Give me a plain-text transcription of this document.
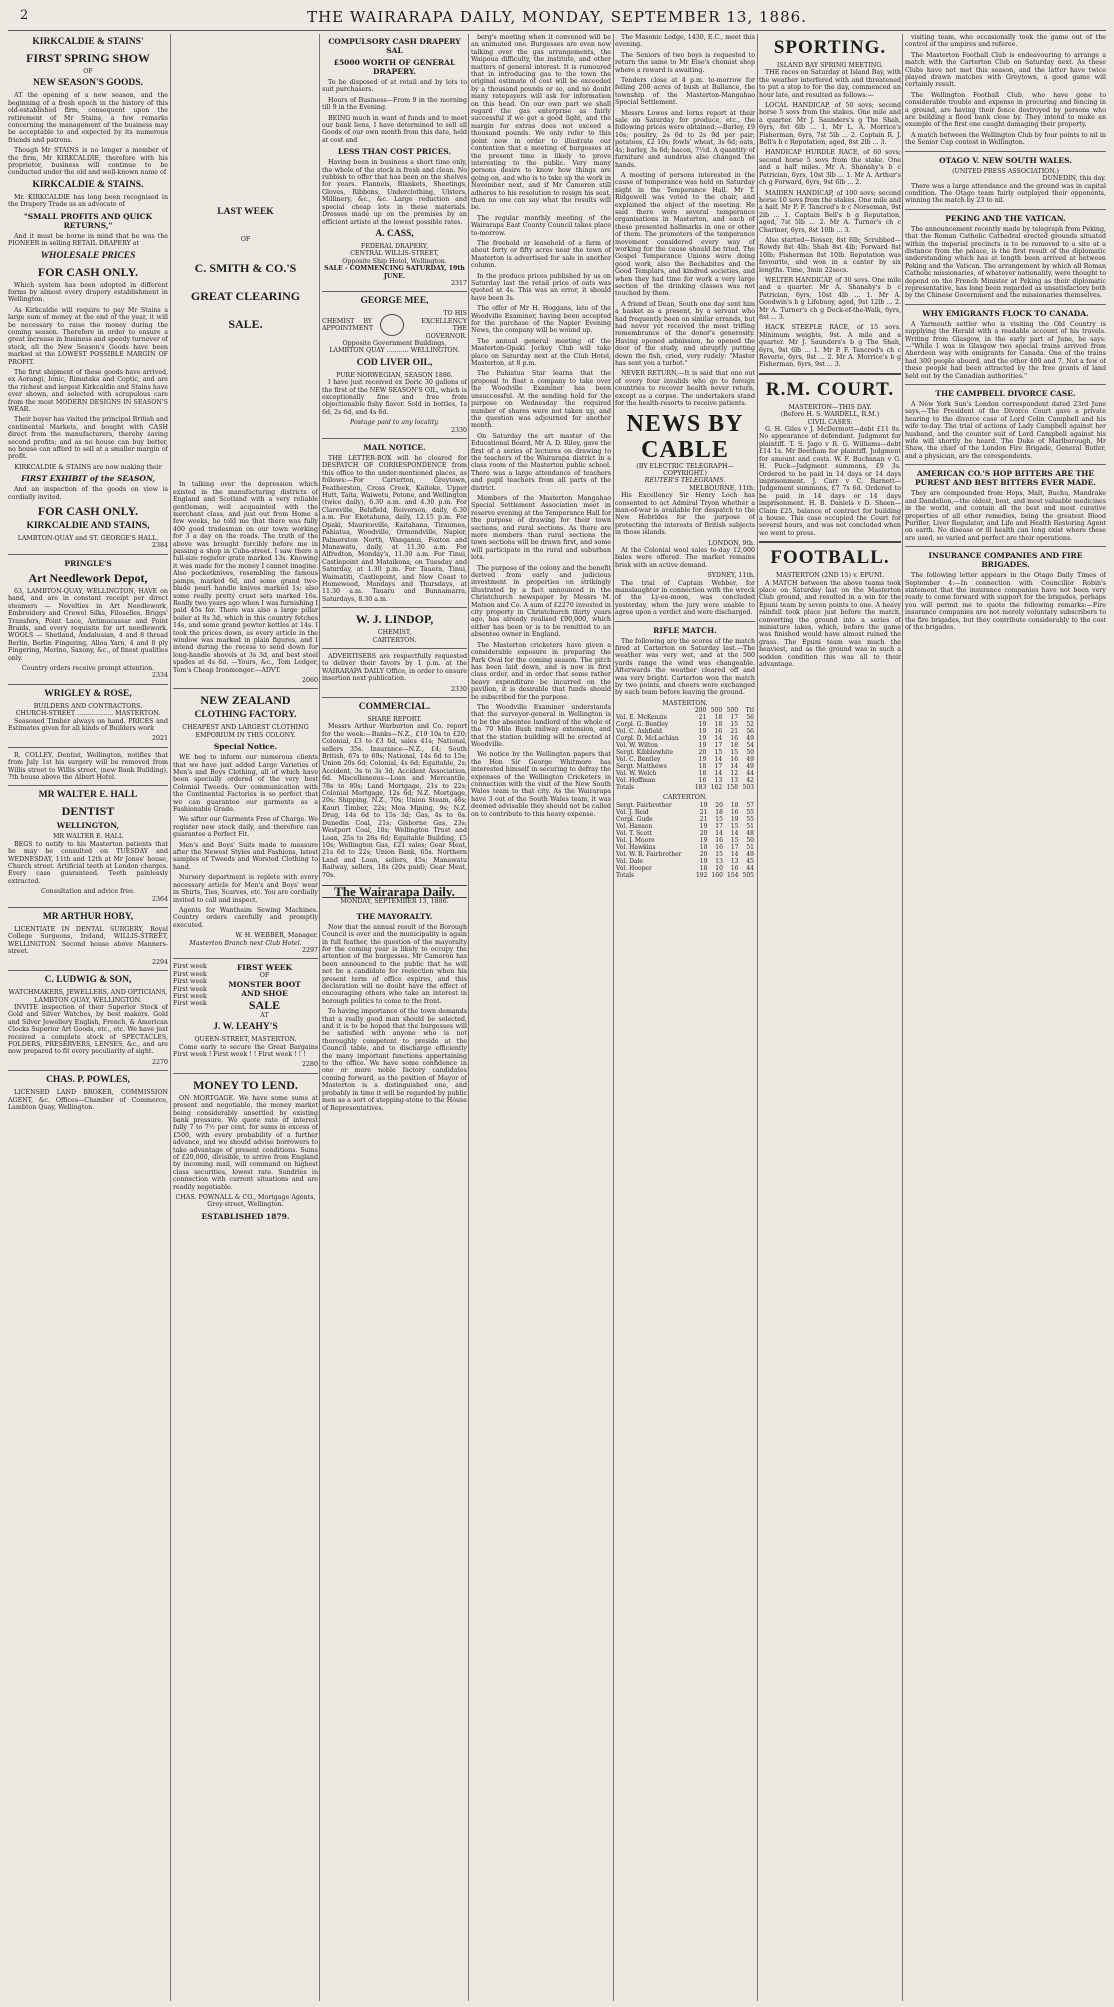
2	THE WAIRARAPA DAILY, MONDAY, SEPTEMBER 13, 1886.
KIRKCALDIE & STAINS'
FIRST SPRING SHOW
OF
NEW SEASON'S GOODS.

AT the opening of a new season, and the beginning of a fresh epoch in the history of this old-established firm, consequent upon the retirement of Mr Stains, a few remarks concerning the management of the business may be acceptable to and expected by its numerous friends and patrons.

Though Mr STAINS is no longer a member of the firm, Mr KIRKCALDIE, therefore with his proprietor, business will continue to be conducted under the old and well-known name of

KIRKCALDIE & STAINS.

Mr. KIRKCALDIE has long been recognised in the Drapery Trade as an advocate of

"SMALL PROFITS AND QUICK RETURNS,"

And it must be borne in mind that he was the PIONEER in selling RETAIL DRAPERY at

WHOLESALE PRICES
FOR CASH ONLY.

Which system has been adopted in different forms by almost every drapery establishment in Wellington.

As Kirkcaldie will require to pay Mr Stains a large sum of money at the end of the year, it will be necessary to raise the money during the coming season. Therefore in order to ensure a great increase in business and speedy turnover of stock, all the New Season's Goods have been marked at the LOWEST POSSIBLE MARGIN OF PROFIT.

The first shipment of these goods have arrived, ex Aorangi, Ionic, Rimutaka and Coptic, and are the richest and largest Kirkcaldie and Stains have ever shown, and selected with scrupulous care from the most MODERN DESIGNS IN SEASON'S WEAR.

Their buyer has visited the principal British and continental Markets, and bought with CASH direct from the manufacturers, thereby saving second profits; and as no house can buy better, no house can afford to sell at a smaller margin of profit.

KIRKCALDIE & STAINS are now making their
FIRST EXHIBIT of the SEASON,

And an inspection of the goods on view is cordially invited.

FOR CASH ONLY.
KIRKCALDIE AND STAINS,
LAMBTON-QUAY and ST. GEORGE'S HALL.
2384
PRINGLE'S
Art Needlework Depot,

63, LAMBTON-QUAY, WELLINGTON, HAVE on hand, and are in constant receipt per direct steamers — Novelties in Art Needlework, Embroidery and Crewel Silks, Filoselles, Briggs' Transfers, Point Lace, Antimacassar and Point Braids, and every requisite for art needlework. WOOLS — Shetland, Andalusian, 4 and 8 thread Berlin, Berlin Fingering, Alloa Yarn, 4 and 8 ply Fingering, Merino, Saxony, &c., of finest qualities only.

Country orders receive prompt attention.
2334
WRIGLEY & ROSE,
BUILDERS AND CONTRACTORS.
CHURCH-STREET .................. MASTERTON.

Seasoned Timber always on hand. PRICES and Estimates given for all kinds of Builders work

2021

R. COLLEY, Dentist, Wellington, notifies that from July 1st his surgery will be removed from Willis street to Willis street, (new Bank Building), 7th house above the Albert Hotel.

MR WALTER E. HALL
DENTIST
WELLINGTON,
MR WALTER E. HALL

BEGS to notify to his Masterton patients that he may be consulted on TUESDAY and WEDNESDAY, 11th and 12th at Mr Jones' house, Church street. Artificial teeth at London charges. Every case guaranteed. Teeth painlessly extracted.

Consultation and advice free.
2364
MR ARTHUR HOBY,

LICENTIATE IN DENTAL SURGERY, Royal College Surgeons, Ireland, WILLIS-STREET, WELLINGTON. Second house above Manners-street.

2294
C. LUDWIG & SON,
WATCHMAKERS, JEWELLERS, AND OPTICIANS,
LAMBTON QUAY, WELLINGTON.

INVITE inspection of their Superior Stock of Gold and Silver Watches, by best makers. Gold and Silver Jewellery English, French, & American Clocks Superior Art Goods, etc., etc. We have just received a complete stock of SPECTACLES, FOLDERS, PRESERVERS, LENSES, &c., and are now prepared to fit every peculiarity of sight.

2270
CHAS. P. POWLES,

LICENSED LAND BROKER, COMMISSION AGENT, &c. Offices—Chamber of Commerce, Lambton Quay, Wellington.

LAST WEEK
OF
C. SMITH & CO.'S
GREAT CLEARING
SALE.

In talking over the depression which existed in the manufacturing districts of England and Scotland with a very reliable gentleman, well acquainted with the merchant class, and just out from Home a few weeks, he told me that there was fully 400 good tradesman on our town working for 3 a day on the roads. The truth of the above was brought forcibly before me in passing a shop in Cuba-street. I saw there a full-size register grate marked 13s. Knowing it was made for the money I cannot imagine. Also pocketknives, resembling the famous pamps, marked 6d, and some grand two-blade pearl handle knives marked 1s; also some really pretty cruet sets marked 16s. Really two years ago when I was furnishing I paid 45s for. There was also a large pillar boiler at 8s 3d, which in this country fetches 14s, and some grand pewter kettles at 14s. I took the prices down, as every article in the window was marked in plain figures, and I intend during the recess to send down for long-handle shovels at 3s 3d, and best steel spades at 4s 6d. —Yours, &c., Tom Ledger, Tom's Cheap Ironmonger.—ADVT.

2060
NEW ZEALAND
CLOTHING FACTORY.
CHEAPEST AND LARGEST CLOTHING EMPORIUM IN THIS COLONY.
Special Notice.

WE beg to inform our numerous clients that we have just added Large Varieties of Men's and Boys Clothing, all of which have been specially ordered of the very best Colonial Tweeds. Our communication with the Continental Factories is so perfect that we can guarantee our garments as a Fashionable Grade.

We sifter our Garments Free of Charge. We register new stock daily, and therefore can guarantee a Perfect Fit.

Men's and Boys' Suits made to measure after the Newest Styles and Fashions, latest samples of Tweeds and Worsted Clothing to hand.

Nursery department is replete with every necessary article for Men's and Boys' wear in Shirts, Ties, Scarves, etc. You are cordially invited to call and inspect.

Agents for Wanthaim Sewing Machines. Country orders carefully and promptly executed.

W. H. WEBBER, Manager.
Masterton Branch next Club Hotel.
2297
First week
First week
First week
First week
First week
First week
FIRST WEEK
OF
MONSTER BOOT
AND SHOE
SALE
AT
J. W. LEAHY'S
QUEEN-STREET, MASTERTON.

Come early to secure the Great Bargains First week ! First week ! ! First week ! ! !

2280
MONEY TO LEND.

ON MORTGAGE. We have some sums at present and negotiable, the money market being considerably unsettled by existing bank pressure. We quote rate of interest fully 7 to 7½ per cent. for sums in excess of £500, with every probability of a further advance, and we should advise borrowers to take advantage of present conditions. Sums of £20,000, divisible, to arrive from England by incoming mail, will command on highest class securities, lowest rate. Sundries in connection with current situations and are readily negotiable.

CHAS. POWNALL & CO., Mortgage Agents, Grey-street, Wellington.
ESTABLISHED 1879.
COMPULSORY CASH DRAPERY SAL
£5000 WORTH OF GENERAL DRAPERY.

To be disposed of at retail and by lots to suit purchasers.

Hours of Business—From 9 in the morning till 9 in the Evening.

BEING much in want of funds and to meet our bank liens, I have determined to sell all Goods of our own month from this date, held at cost and

LESS THAN COST PRICES.

Having been in business a short time only, the whole of the stock is fresh and clean. No rubbish to offer that has been on the shelves for years. Flannels, Blankets, Sheetings, Gloves, Ribbons, Underclothing, Ulsters, Millinery, &c., &c. Large reduction and special cheap lots in these materials. Dresses made up on the premises by an efficient artiste at the lowest possible rates.

A. CASS,
FEDERAL DRAPERY,
CENTRAL WILLIS-STREET,
Opposite Ship Hotel, Wellington.
SALE - COMMENCING SATURDAY, 19th JUNE.
2317
GEORGE MEE,
CHEMIST BY APPOINTMENT
TO HIS EXCELLENCY THE GOVERNOR.
Opposite Government Buildings,
LAMBTON QUAY ........... WELLINGTON.
COD LIVER OIL,
PURE NORWEGIAN, SEASON 1886.

I have just received ex Doric 30 gallons of the first of the NEW SEASON'S OIL, which is exceptionally fine and free from objectionable fishy flavor. Sold in bottles, 1s 6d, 2s 6d, and 4s 6d.

Postage paid to any locality.
2330
MAIL NOTICE.

THE LETTER-BOX will be cleared for DESPATCH OF CORRESPONDENCE from this office to the under-mentioned places, as follows:—For Carterton, Greytown, Featherston, Cross Creek, Kaitoke, Upper Hutt, Taita, Waiwetu, Petone, and Wellington (twice daily), 6.30 a.m. and 4.30 p.m. For Clareville, Belsfield, Reiverson, daily, 6.30 a.m. For Eketahuna, daily, 12.15 p.m. For Opaki, Mauriceville, Kaitahana, Tiraumea, Pahiatua, Woodville, Ormondville, Napier, Palmerston North, Wanganui, Foxton and Manawatu, daily, at 11.30 a.m. For Alfredton, Monday's, 11.30 a.m. For Tinui, Castlepoint and Mataikona, on Tuesday and Saturday, at 1.30 p.m. For Tauera, Tinui, Waimatiti, Castlepoint, and New Coast to Homewood, Mondays and Thursdays, at 11.30 a.m. Tauaru and Bunnamarra, Saturdays, 8.30 a.m.

W. J. LINDOP,
CHEMIST,
CARTERTON.

ADVERTISERS are respectfully requested to deliver their favors by 1 p.m. at the WAIRARAPA DAILY Office, in order to ensure insertion next publication.

2330
COMMERCIAL.
SHARE REPORT.

Messrs Arthur Warburton and Co. report for the week:—Banks—N.Z., £19 10s to £20; Colonial, £3 to £3 6d, sales 41s; National, sellers 35s. Insurance—N.Z., £4; South British, 67s to 69s; National, 14s 6d to 15s; Union 20s 6d; Colonial, 4s 6d; Equitable, 2s; Accident, 3s to 3s 3d; Accident Association, 6d. Miscellaneous—Loan and Mercantile, 78s to 80s; Land Mortgage, 21s to 22s; Colonial Mortgage, 12s 6d; N.Z. Mortgage, 20s; Shipping, N.Z., 70s; Union Steam, 46s; Kauri Timber, 22s; Moa Mining, 9s; N.Z. Drug, 14s 6d to 15s 3d; Gas, 4s to 6s. Dunedin Coal, 21s; Gisborne Gas, 23s; Westport Coal, 18s; Wellington Trust and Loan, 25s to 26s 6d; Equitable Building, £5 10s; Wellington Gas, £21 sales; Gear Meat, 21s 6d to 22s; Union Bank, 65s. Northern Land and Loan, sellers, 45s; Manawatu Railway, sellers, 18s (20s paid); Gear Meat, 70s.

The Wairarapa Daily.
MONDAY, SEPTEMBER 13, 1886.
THE MAYORALTY.

Now that the annual result of the Borough Council is over and the municipality is again in full feather, the question of the mayoralty for the coming year is likely to occupy the attention of the burgesses. Mr Cameron has been announced to the public that he will not be a candidate for reelection when his present term of office expires, and this declaration will no doubt have the effect of encouraging others who take an interest in borough politics to come to the front.

To having importance of the town demands that a really good man should be selected, and it is to be hoped that the burgesses will be satisfied with anyone who is not thoroughly competent to preside at the Council table, and to discharge efficiently the many important functions appertaining to the office. We have some confidence in one or more noble factory candidates coming forward, as the position of Mayor of Masterton is a distinguished one, and probably in time it will be regarded by public men as a sort of stepping-stone to the House of Representatives.

berg's meeting when it convened will be an animated one. Burgesses are even now talking over the gas arrangements, the Waipoua difficulty, the institute, and other matters of general interest. It is rumoured that in introducing gas to the town the original estimate of cost will be exceeded by a thousand pounds or so, and no doubt many ratepayers will ask for information on this head. On our own part we shall regard the gas enterprise as fairly successful if we get a good light, and the margin for extras does not exceed a thousand pounds. We only refer to this point now in order to illustrate our contention that a meeting of burgesses at the present time is likely to prove interesting to the public. Very many persons desire to know how things are going on, and who is to take up the work in November next, and if Mr Cameron still adheres to his resolution to resign his seat, then no one can say what the results will be.

The regular monthly meeting of the Wairarapa East County Council takes place to-morrow.

The freehold or leasehold of a farm of about forty or fifty acres near the town of Masterton is advertised for sale in another column.

In the produce prices published by us on Saturday last the retail price of oats was quoted at 4s. This was an error, it should have been 3s.

The offer of Mr H. Hoggans, late of the Woodville Examiner, having been accepted for the purchase of the Napier Evening News, the company will be wound up.

The annual general meeting of the Masterton-Opaki Jockey Club will take place on Saturday next at the Club Hotel, Masterton, at 8 p.m.

The Pahiatua Star learns that the proposal to float a company to take over the Woodville Examiner has been unsuccessful. At the sending hold for the purpose on Wednesday the required number of shares were not taken up, and the question was adjourned for another month.

On Saturday the art master of the Educational Board, Mr A. D. Riley, gave the first of a series of lectures on drawing to the teachers of the Wairarapa district in a class room of the Masterton public school. There was a large attendance of teachers and pupil teachers from all parts of the district.

Members of the Masterton Mangahao Special Settlement Association meet in reserve evening at the Temperance Hall for the purpose of drawing for their town sections, and rural sections. As there are more members than rural sections the town sections will be drawn first, and some will participate in the rural and suburban lots.

The purpose of the colony and the benefit derived from early and judicious investment in properties on strikingly illustrated by a fact announced in the Christchurch newspaper by Messrs M. Matson and Co. A sum of £2270 invested in city property in Christchurch thirty years ago, has already realised £90,000, which either has been or is to be remitted to an absentee owner in England.

The Masterton cricketers have given a considerable exposure in preparing the Park Oval for the coming season. The pitch has been laid down, and is now in first class order, and in order that some rather heavy expenditure be incurred on the pavilion, it is desirable that funds should be subscribed for the purpose.

The Woodville Examiner understands that the surveyor-general in Wellington is to be the absentee landlord of the whole of the 70 Mile Bush railway extension, and that the station building will be erected at Woodville.

We notice by the Wellington papers that the Hon Sir George Whitmore has interested himself in securing to defray the expenses of the Wellington Cricketers in connection with the visit of the New South Wales team to that city. As the Wairarapa have 3 out of the South Wales team, it was deemed advisable they should not be called on to contribute to this heavy expense.

The Masonic Lodge, 1430, E.C., meet this evening.

The Seniors of two boys is requested to return the same to Mr Eise's chemist shop where a reward is awaiting.

Tenders close at 4 p.m. to-morrow for felling 200 acres of bush at Ballance, the township of the Masterton-Mangahao Special Settlement.

Messrs Lowes and Iorns report at their sale on Saturday for produce, etc., the following prices were obtained:—Barley, £9 10s; poultry, 2s 6d to 2s 9d per pair; potatoes, £2 10s; fowls' wheat, 3s 6d; oats, 4s; barley, 3s 6d; bacon, 7½d. A quantity of furniture and sundries also changed the hands.

A meeting of persons interested in the cause of temperance was held on Saturday night in the Temperance Hall. Mr T. Ridgewell was voted to the chair, and explained the object of the meeting. He said there were several temperance organisations in Masterton, and each of these presented hallmarks in one or other of them. The promoters of the temperance movement considered every way of working for the cause should be tried. The Gospel Temperance Unions were doing good work, also the Rechabites and the Good Templars, and kindred societies, and when they had time for work a very large section of the drinking classes was not touched by them.

A friend of Dean, South one day sent him a basket as a present, by a servant who had frequently been on similar errands, but had never yet received the most trifling remembrance of the donor's generosity. Having opened admission, he opened the door of the study, and abruptly putting down the fish, cried, very rudely: "Master has sent you a turbot."

NEVER RETURN,—It is said that one out of every four invalids who go to foreign countries to recover health never return, except as a corpse. The undertakers stand for the health-resorts to receive patients.

NEWS BY CABLE
(BY ELECTRIC TELEGRAPH—COPYRIGHT.)
REUTER'S TELEGRAMS.
MELBOURNE, 11th.

His Excellency Sir Henry Loch has consented to act Admiral Tryon whether a man-of-war is available for despatch to the New Hebrides for the purpose of protecting the interests of British subjects in those islands.

LONDON, 9th.

At the Colonial wool sales to-day 12,000 bales were offered. The market remains brisk with an active demand.

SYDNEY, 11th.

The trial of Captain Webber, for manslaughter in connection with the wreck of the Ly-ee-moon, was concluded yesterday, when the jury were unable to agree upon a verdict and were discharged.

RIFLE MATCH.

The following are the scores of the match fired at Carterton on Saturday last.—The weather was very wet, and at the 500 yards range the wind was changeable. Afterwards the weather cleared off and was very bright. Carterton won the match by two points, and cheers were exchanged by each team before leaving the ground.

MASTERTON.
	200	500	500	Ttl
Vol. E. McKenzie	21	18	17	56
Corpl. G. Bentley	19	18	15	52
Vol. C. Ashfield	19	16	21	56
Corpl. D. McLachlan	19	14	16	49
Vol. W. Wilton	19	17	18	54
Sergt. Kibblewhite	20	15	15	50
Vol. C. Bentley	19	14	16	49
Sergt. Matthews	18	17	14	49
Vol. W. Welch	18	14	12	44
Vol. Hoffman	16	13	13	42
Totals	183	162	158	503
CARTERTON.
Sergt. Fairbrother	19	20	18	57
Vol. J. Reid	21	18	16	55
Corpl. Gude	21	15	19	55
Vol. Hanson	19	17	15	51
Vol. T. Scott	20	14	14	48
Vol. J. Moore	19	16	15	50
Vol. Hawkins	18	16	17	51
Vol. W. R. Fairbrother	20	15	14	49
Vol. Dale	19	13	13	45
Vol. Hooper	18	10	16	44
Totals	192	160	154	505
SPORTING.
ISLAND BAY SPRING MEETING.

THE races on Saturday at Island Bay, with the weather interfered with and threatened to put a stop to for the day, commenced an hour late, and resulted as follows:—

LOCAL HANDICAP, of 50 sovs; second horse 5 sovs from the stakes. One mile and a quarter. Mr J. Saunders's g The Shah, 6yrs, 8st 6lb ... 1. Mr L. A. Morrice's Fisherman, 6yrs, 7st 5lb ... 2. Captain R. J. Bell's b c Reputation, aged, 8st 2lb ... 3.

HANDICAP HURDLE RACE, of 60 sovs; second horse 5 sovs from the stake. One and a half miles. Mr A. Shanahy's b c Patrician, 6yrs, 10st 3lb ... 1. Mr A. Arthur's ch g Forward, 6yrs, 9st 6lb ... 2.

MAIDEN HANDICAP, of 100 sovs; second horse 10 sovs from the stakes. One mile and a half. Mr P. F. Tancred's b c Norseman, 9st 2lb ... 1. Captain Bell's b g Reputation, aged, 7st 5lb ... 2. Mr A. Turnor's ch c Chariner, 6yrs, 8st 10lb ... 3.

Also started—Rosser, 8st 6lb; Scrubbed—Rowdy 8st 4lb; Shah 8st 4lb; Forward 8st 10lb; Fisherman 8st 10lb. Reputation was favourite, and won in a canter by six lengths. Time, 3min 22secs.

WELTER HANDICAP, of 30 sovs. One mile and a quarter. Mr A. Shanahy's b c Patrician, 6yrs, 10st 4lb ... 1. Mr A. Goodwin's b g Lifebuoy, aged, 9st 12lb ... 2. Mr A. Turner's ch g Deck-of-the-Walk, 6yrs, 8st ... 3.

HACK STEEPLE RACE, of 15 sovs. Minimum weights, 9st. A mile and a quarter. Mr J. Saunders's b g The Shah, 6yrs, 9st 6lb ... 1. Mr P. F. Tancred's ch c Reverie, 6yrs, 9st ... 2. Mr A. Morrice's b g Fisherman, 6yrs, 9st ... 3.

R.M. COURT.
MASTERTON—THIS DAY.
(Before H. S. WARDELL, R.M.)
CIVIL CASES.

G. H. Giles v J. McDermott—debt £11 8s. No appearance of defendant. Judgment for plaintiff. T. S. Jago v R. G. Williams—debt £14 1s. Mr Beetham for plaintiff. Judgment for amount and costs. W. F. Buchanan v G. H. Puck—Judgment summons, £9 3s. Ordered to be paid in 14 days or 14 days imprisonment. J. Carr v C. Barnett—Judgement summons, £7 7s 6d. Ordered to be paid in 14 days or 14 days imprisonment. H. B. Daniels v D. Sheen—Claim £25, balance of contract for building a house. This case occupied the Court for several hours, and was not concluded when we went to press.

FOOTBALL.
MASTERTON (2ND 15) v. EPUNI.

A MATCH between the above teams took place on Saturday last on the Masterton Club ground, and resulted in a win for the Epuni team by seven points to one. A heavy rainfall took place just before the match, converting the ground into a series of miniature lakes, which, before the game was finished would have almost ruined the grass. The Epuni team was much the heaviest, and as the ground was in such a sodden condition this was all to their advantage.

visiting team, who occasionally took the game out of the control of the umpires and referee.

The Masterton Football Club is endeavouring to arrange a match with the Carterton Club on Saturday next. As these Clubs have not met this season, and the latter have twice played drawn matches with Greytown, a good game will certainly result.

The Wellington Football Club, who have gone to considerable trouble and expense in procuring and fencing in a ground, are having their fence destroyed by persons who are building a flood bank close by. They intend to make an example of the first one caught damaging their property.

A match between the Wellington Club by four points to nil in the Senior Cup contest in Wellington.

OTAGO V. NEW SOUTH WALES.
(UNITED PRESS ASSOCIATION.)
DUNEDIN, this day.

There was a large attendance and the ground was in capital condition. The Otago team fairly outplayed their opponents, winning the match by 23 to nil.

PEKING AND THE VATICAN.

The announcement recently made by telegraph from Peking, that the Roman Catholic Cathedral erected grounds situated within the imperial precincts is to be removed to a site at a distance from the palace, is the first result of the diplomatic understanding which has at length been arrived at between Peking and the Vatican. The arrangement by which all Roman Catholic missionaries, of whatever nationality, were thought to depend on the French Minister at Peking as their diplomatic representative, has long been regarded as unsatisfactory both by the Chinese Government and the missionaries themselves.

WHY EMIGRANTS FLOCK TO CANADA.

A Yarmouth settler who is visiting the Old Country is supplying the Herald with a readable account of his travels. Writing from Glasgow, in the early part of June, he says:—"While I was in Glasgow two special trains arrived from Aberdeen way with emigrants for Canada. One of the trains had 300 people aboard, and the other 400 and 7. Not a few of these people had been attracted by the free grants of land held out by the Canadian authorities."

THE CAMPBELL DIVORCE CASE.

A New York Sun's London correspondent dated 23rd June says,—The President of the Divorce Court gave a private hearing to the divorce case of Lord Colin Campbell and his wife to-day. The trial of actions of Lady Campbell against her husband, and the counter suit of Lord Campbell against his wife will shortly be heard. The Duke of Marlborough, Mr Shaw, the chief of the London Fire Brigade, General Butler, and a physician, are the corespondents.

AMERICAN CO.'S HOP BITTERS ARE THE PUREST AND BEST BITTERS EVER MADE.

They are compounded from Hops, Malt, Buchu, Mandrake and Dandelion,—the oldest, best, and most valuable medicines in the world, and contain all the best and most curative properties of all other remedies, being the greatest Blood Purifier, Liver Regulator, and Life and Health Restoring Agent on earth. No disease or ill health can long exist where these are used, so varied and perfect are their operations.

INSURANCE COMPANIES AND FIRE BRIGADES.

The following letter appears in the Otago Daily Times of September 4:—In connection with Councillor Robin's statement that the insurance companies have not been very ready to come forward with support for the brigades, perhaps you will permit me to quote the following remarks:—Fire insurance companies are not merely voluntary subscribers to the fire brigades, but they contribute considerably to the cost of the brigades.
